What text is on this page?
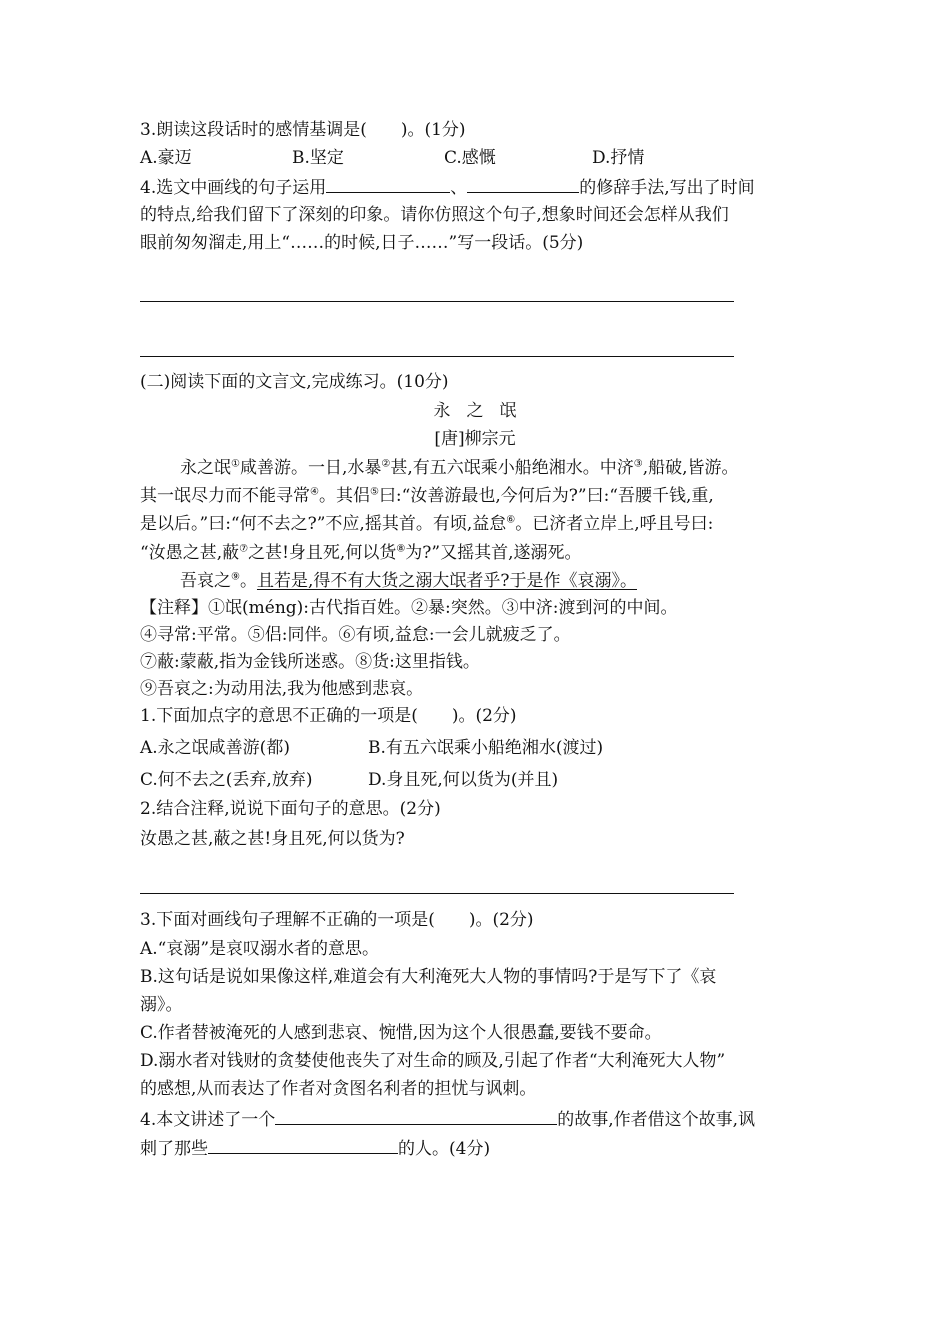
3.朗读这段话时的感情基调是(　　)。(1分)
A.豪迈	B.坚定	C.感慨	D.抒情
4.选文中画线的句子运用	、	的修辞手法,写出了时间
的特点,给我们留下了深刻的印象。请你仿照这个句子,想象时间还会怎样从我们
眼前匆匆溜走,用上“……的时候,日子……”写一段话。(5分)
(二)阅读下面的文言文,完成练习。(10分)
永 之 氓
[唐]柳宗元
永之氓①咸善游。一日,水暴②甚,有五六氓乘小船绝湘水。中济③,船破,皆游。
其一氓尽力而不能寻常④。其侣⑤曰:“汝善游最也,今何后为?”曰:“吾腰千钱,重,
是以后。”曰:“何不去之?”不应,摇其首。有顷,益怠⑥。已济者立岸上,呼且号曰:
“汝愚之甚,蔽⑦之甚!身且死,何以货⑧为?”又摇其首,遂溺死。
吾哀之⑨。且若是,得不有大货之溺大氓者乎?于是作《哀溺》。
【注释】①氓(méng):古代指百姓。②暴:突然。③中济:渡到河的中间。
④寻常:平常。⑤侣:同伴。⑥有顷,益怠:一会儿就疲乏了。
⑦蔽:蒙蔽,指为金钱所迷惑。⑧货:这里指钱。
⑨吾哀之:为动用法,我为他感到悲哀。
1.下面加点字的意思不正确的一项是(　　)。(2分)
A.永之氓咸善游(都)	B.有五六氓乘小船绝湘水(渡过)
C.何不去之(丢弃,放弃)	D.身且死,何以货为(并且)
2.结合注释,说说下面句子的意思。(2分)
汝愚之甚,蔽之甚!身且死,何以货为?
3.下面对画线句子理解不正确的一项是(　　)。(2分)
A.“哀溺”是哀叹溺水者的意思。
B.这句话是说如果像这样,难道会有大利淹死大人物的事情吗?于是写下了《哀
溺》。
C.作者替被淹死的人感到悲哀、惋惜,因为这个人很愚蠢,要钱不要命。
D.溺水者对钱财的贪婪使他丧失了对生命的顾及,引起了作者“大利淹死大人物”
的感想,从而表达了作者对贪图名利者的担忧与讽刺。
4.本文讲述了一个	的故事,作者借这个故事,讽
刺了那些	的人。(4分)
